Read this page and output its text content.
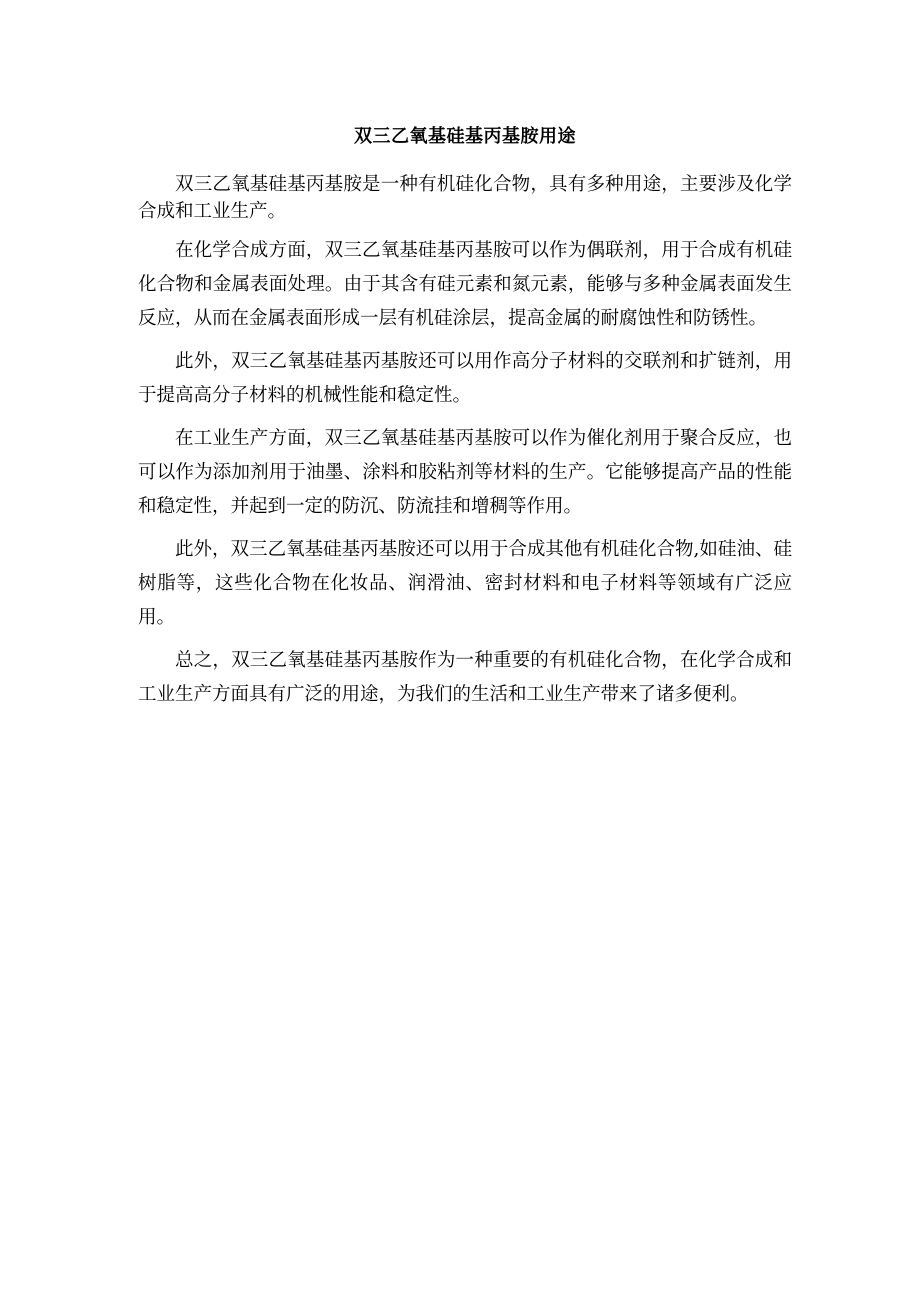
双三乙氧基硅基丙基胺用途

双三乙氧基硅基丙基胺是一种有机硅化合物，具有多种用途，主要涉及化学合成和工业生产。

在化学合成方面，双三乙氧基硅基丙基胺可以作为偶联剂，用于合成有机硅化合物和金属表面处理。由于其含有硅元素和氮元素，能够与多种金属表面发生反应，从而在金属表面形成一层有机硅涂层，提高金属的耐腐蚀性和防锈性。

此外，双三乙氧基硅基丙基胺还可以用作高分子材料的交联剂和扩链剂，用于提高高分子材料的机械性能和稳定性。

在工业生产方面，双三乙氧基硅基丙基胺可以作为催化剂用于聚合反应，也可以作为添加剂用于油墨、涂料和胶粘剂等材料的生产。它能够提高产品的性能和稳定性，并起到一定的防沉、防流挂和增稠等作用。

此外，双三乙氧基硅基丙基胺还可以用于合成其他有机硅化合物,如硅油、硅树脂等，这些化合物在化妆品、润滑油、密封材料和电子材料等领域有广泛应用。

总之，双三乙氧基硅基丙基胺作为一种重要的有机硅化合物，在化学合成和工业生产方面具有广泛的用途，为我们的生活和工业生产带来了诸多便利。
